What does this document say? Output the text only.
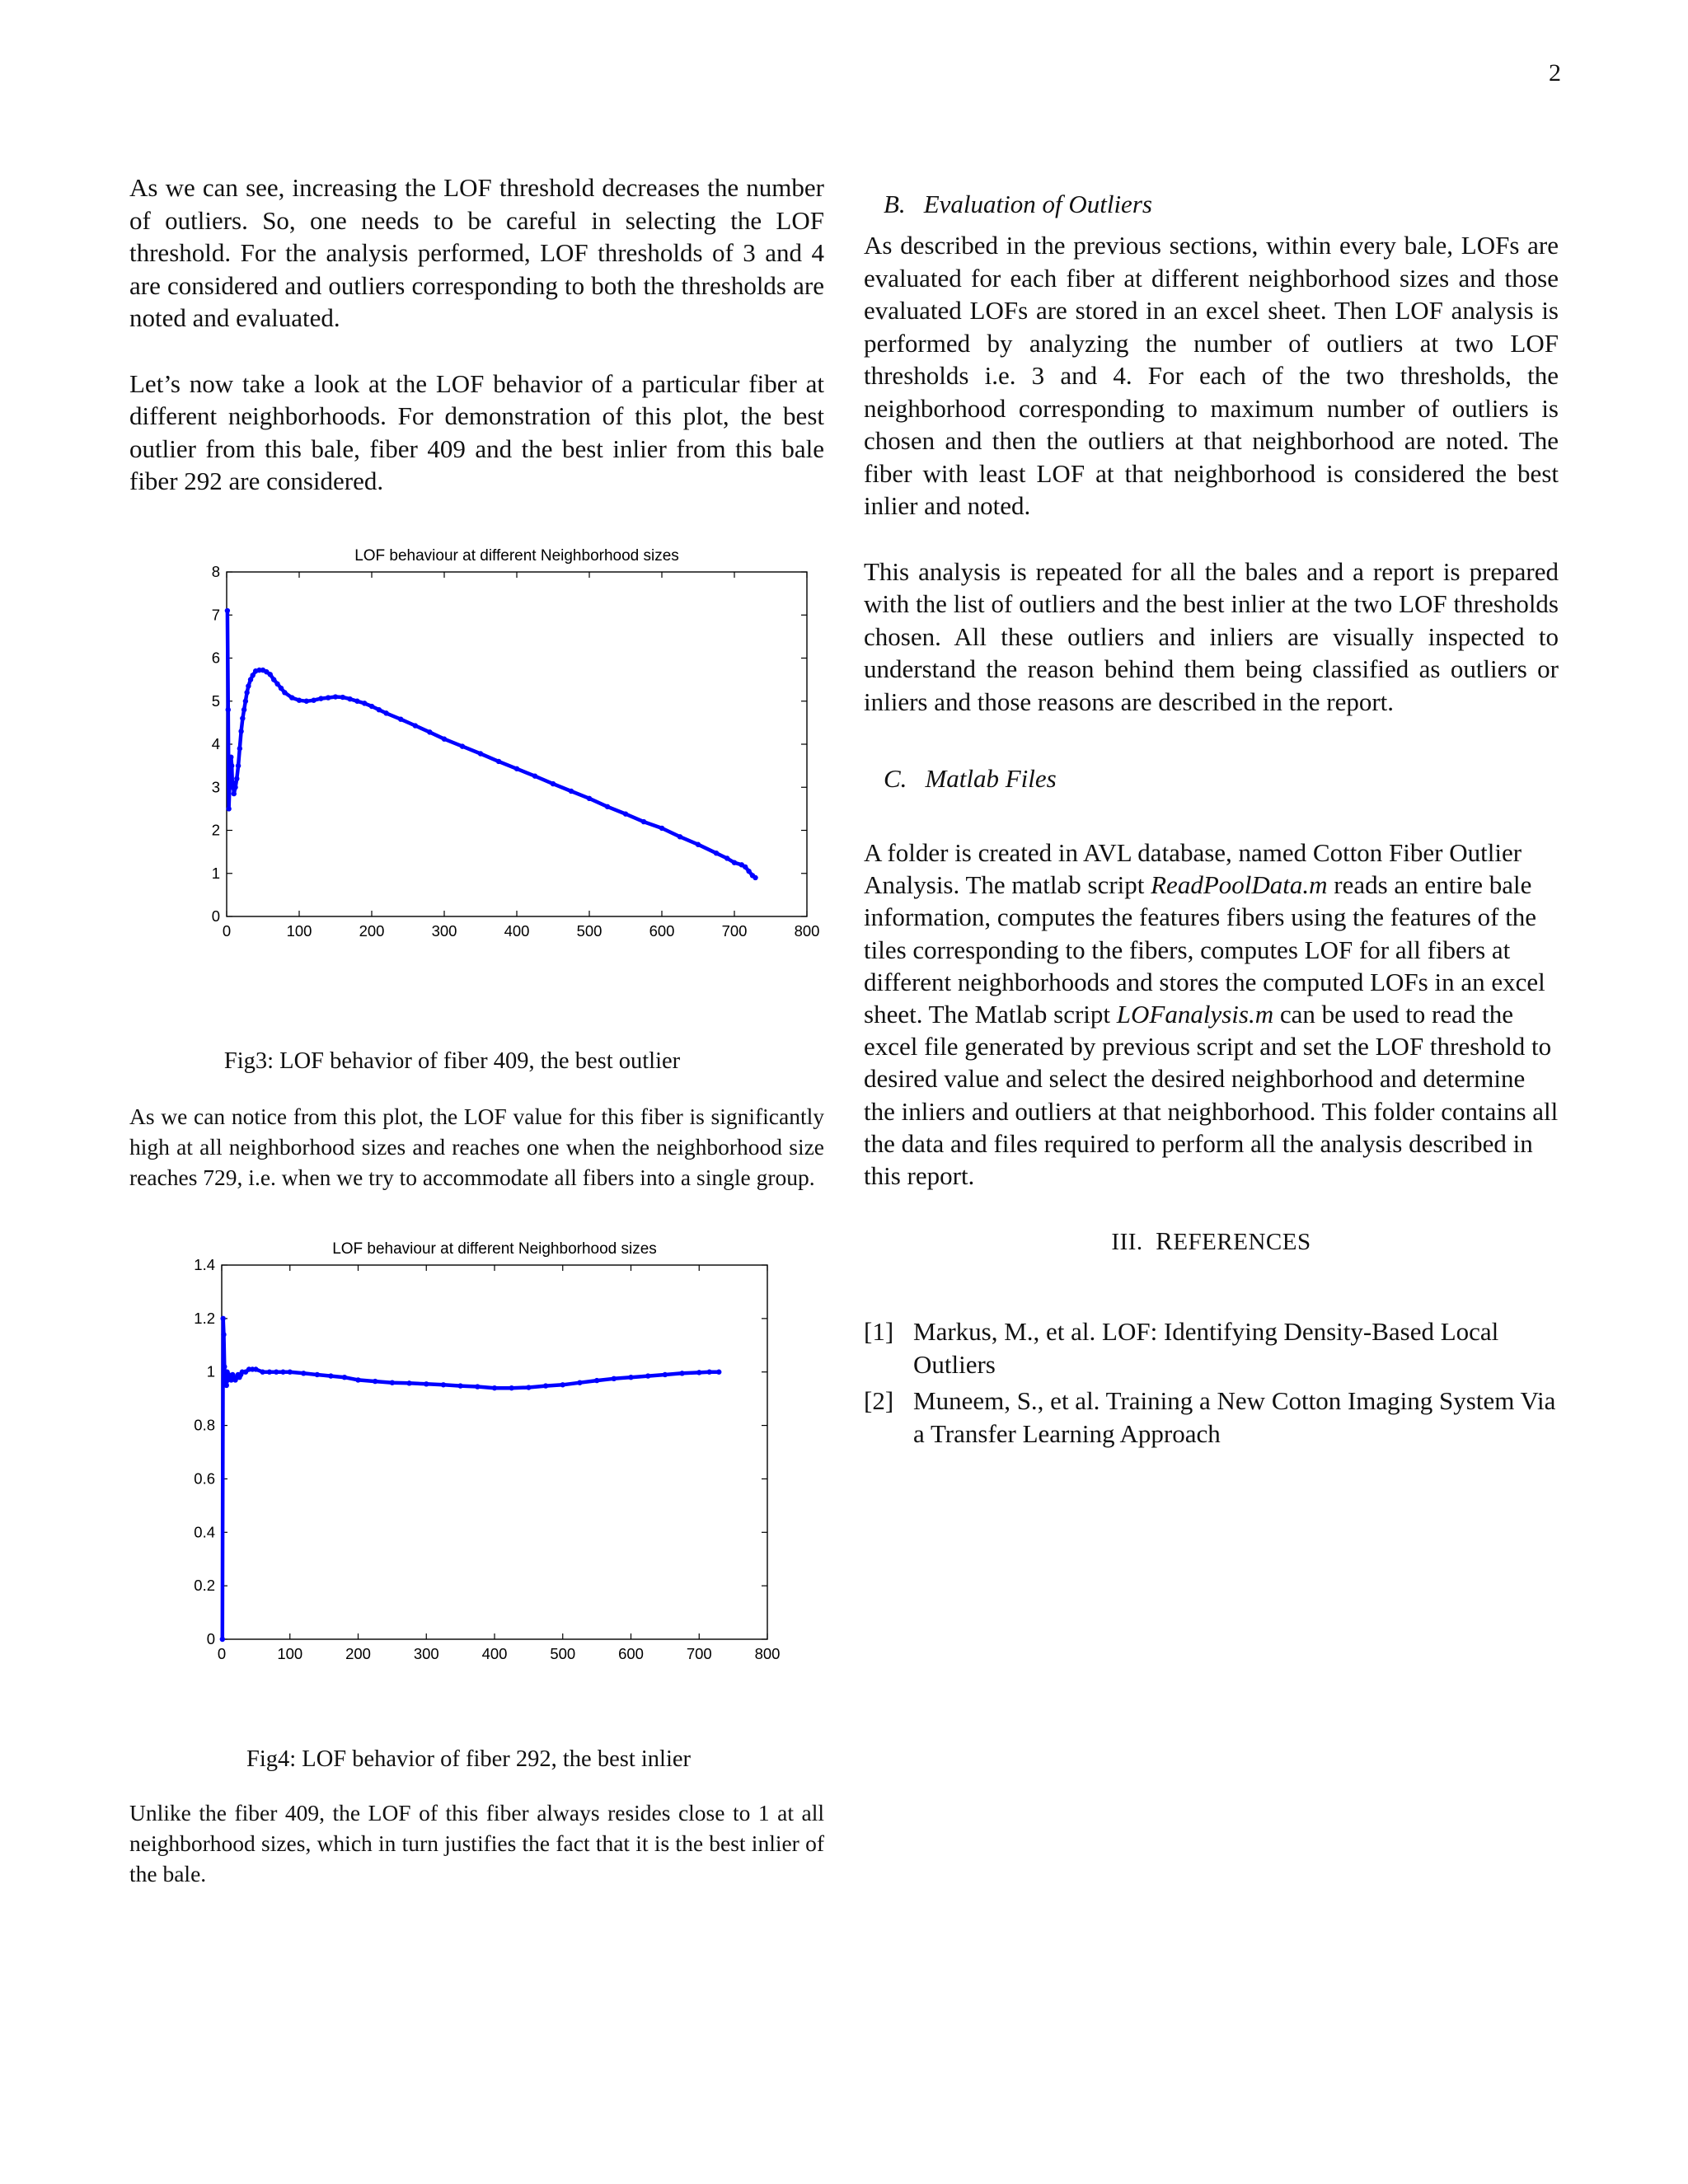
2

As we can see, increasing the LOF threshold decreases the number of outliers. So, one needs to be careful in selecting the LOF threshold. For the analysis performed, LOF thresholds of 3 and 4 are considered and outliers corresponding to both the thresholds are noted and evaluated.

Let’s now take a look at the LOF behavior of a particular fiber at different neighborhoods. For demonstration of this plot, the best outlier from this bale, fiber 409 and the best inlier from this bale fiber 292 are considered.

LOF behaviour at different Neighborhood sizes
0	100	200	300	400	500	600	700	800
0
1
2
3
4
5
6
7
8

Fig3: LOF behavior of fiber 409, the best outlier

As we can notice from this plot, the LOF value for this fiber is significantly high at all neighborhood sizes and reaches one when the neighborhood size reaches 729, i.e. when we try to accommodate all fibers into a single group.

LOF behaviour at different Neighborhood sizes
0	100	200	300	400	500	600	700	800
0
0.2
0.4
0.6
0.8
1
1.2
1.4

Fig4: LOF behavior of fiber 292, the best inlier

Unlike the fiber 409, the LOF of this fiber always resides close to 1 at all neighborhood sizes, which in turn justifies the fact that it is the best inlier of the bale.

B. Evaluation of Outliers

As described in the previous sections, within every bale, LOFs are evaluated for each fiber at different neighborhood sizes and those evaluated LOFs are stored in an excel sheet. Then LOF analysis is performed by analyzing the number of outliers at two LOF thresholds i.e. 3 and 4. For each of the two thresholds, the neighborhood corresponding to maximum number of outliers is chosen and then the outliers at that neighborhood are noted. The fiber with least LOF at that neighborhood is considered the best inlier and noted.

This analysis is repeated for all the bales and a report is prepared with the list of outliers and the best inlier at the two LOF thresholds chosen. All these outliers and inliers are visually inspected to understand the reason behind them being classified as outliers or inliers and those reasons are described in the report.

C. Matlab Files

A folder is created in AVL database, named Cotton Fiber Outlier Analysis. The matlab script ReadPoolData.m reads an entire bale information, computes the features fibers using the features of the tiles corresponding to the fibers, computes LOF for all fibers at different neighborhoods and stores the computed LOFs in an excel sheet. The Matlab script LOFanalysis.m can be used to read the excel file generated by previous script and set the LOF threshold to desired value and select the desired neighborhood and determine the inliers and outliers at that neighborhood. This folder contains all the data and files required to perform all the analysis described in this report.

III. REFERENCES
[1] Markus, M., et al. LOF: Identifying Density-Based Local Outliers
[2] Muneem, S., et al. Training a New Cotton Imaging System Via a Transfer Learning Approach
